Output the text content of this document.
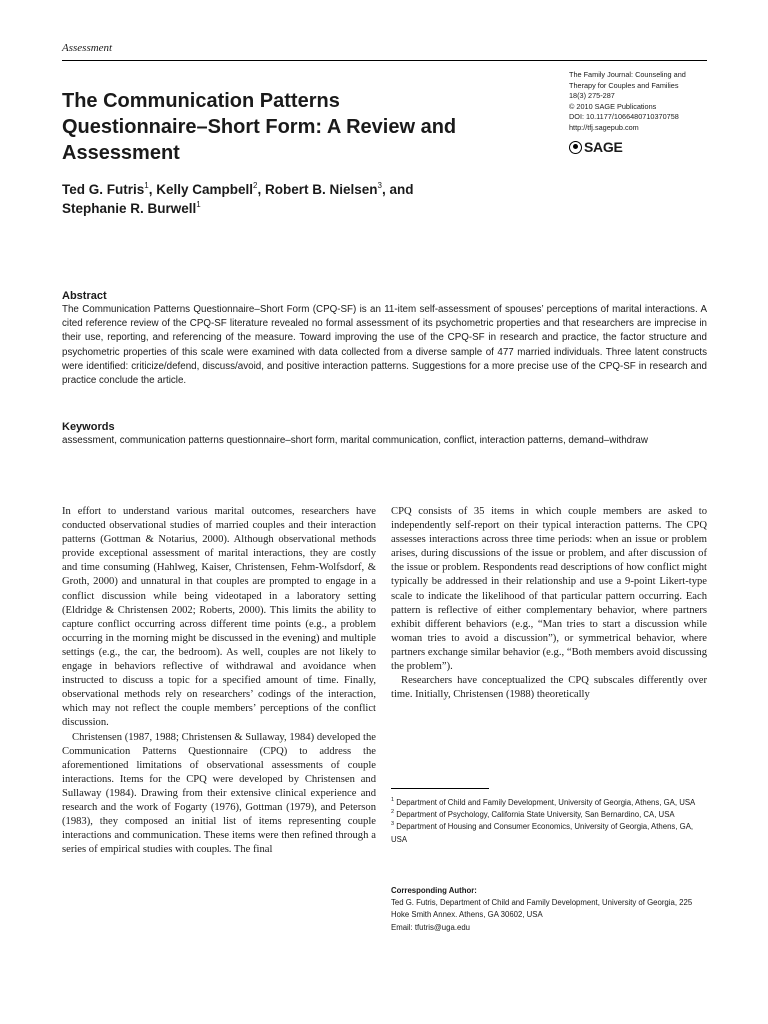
Assessment
The Communication Patterns Questionnaire–Short Form: A Review and Assessment
The Family Journal: Counseling and
Therapy for Couples and Families
18(3) 275-287
© 2010 SAGE Publications
DOI: 10.1177/1066480710370758
http://tfj.sagepub.com
SAGE
Ted G. Futris$^1$, Kelly Campbell$^2$, Robert B. Nielsen$^3$, and
Stephanie R. Burwell$^1$

Abstract

The Communication Patterns Questionnaire–Short Form (CPQ-SF) is an 11-item self-assessment of spouses’ perceptions of marital interactions. A cited reference review of the CPQ-SF literature revealed no formal assessment of its psychometric properties and that researchers are imprecise in their use, reporting, and referencing of the measure. Toward improving the use of the CPQ-SF in research and practice, the factor structure and psychometric properties of this scale were examined with data collected from a diverse sample of 477 married individuals. Three latent constructs were identified: criticize/defend, discuss/avoid, and positive interaction patterns. Suggestions for a more precise use of the CPQ-SF in research and practice conclude the article.

Keywords

assessment, communication patterns questionnaire–short form, marital communication, conflict, interaction patterns, demand–withdraw

In effort to understand various marital outcomes, researchers have conducted observational studies of married couples and their interaction patterns (Gottman & Notarius, 2000). Although observational methods provide exceptional assessment of marital interactions, they are costly and time consuming (Hahlweg, Kaiser, Christensen, Fehm-Wolfsdorf, & Groth, 2000) and unnatural in that couples are prompted to engage in a conflict discussion while being videotaped in a laboratory setting (Eldridge & Christensen 2002; Roberts, 2000). This limits the ability to capture conflict occurring across different time points (e.g., a problem occurring in the morning might be discussed in the evening) and multiple settings (e.g., the car, the bedroom). As well, couples are not likely to engage in behaviors reflective of withdrawal and avoidance when instructed to discuss a topic for a specified amount of time. Finally, observational methods rely on researchers’ codings of the interaction, which may not reflect the couple members’ perceptions of the conflict discussion.

Christensen (1987, 1988; Christensen & Sullaway, 1984) developed the Communication Patterns Questionnaire (CPQ) to address the aforementioned limitations of observational assessments of couple interactions. Items for the CPQ were developed by Christensen and Sullaway (1984). Drawing from their extensive clinical experience and research and the work of Fogarty (1976), Gottman (1979), and Peterson (1983), they composed an initial list of items representing couple interactions and communication. These items were then refined through a series of empirical studies with couples. The final

CPQ consists of 35 items in which couple members are asked to independently self-report on their typical interaction patterns. The CPQ assesses interactions across three time periods: when an issue or problem arises, during discussions of the issue or problem, and after discussion of the issue or problem. Respondents read descriptions of how conflict might typically be addressed in their relationship and use a 9-point Likert-type scale to indicate the likelihood of that particular pattern occurring. Each pattern is reflective of either complementary behavior, where partners exhibit different behaviors (e.g., “Man tries to start a discussion while woman tries to avoid a discussion”), or symmetrical behavior, where partners exchange similar behavior (e.g., “Both members avoid discussing the problem”).

Researchers have conceptualized the CPQ subscales differently over time. Initially, Christensen (1988) theoretically

$^1$ Department of Child and Family Development, University of Georgia, Athens, GA, USA

$^2$ Department of Psychology, California State University, San Bernardino, CA, USA

$^3$ Department of Housing and Consumer Economics, University of Georgia, Athens, GA, USA

Corresponding Author:

Ted G. Futris, Department of Child and Family Development, University of Georgia, 225 Hoke Smith Annex. Athens, GA 30602, USA

Email: tfutris@uga.edu
